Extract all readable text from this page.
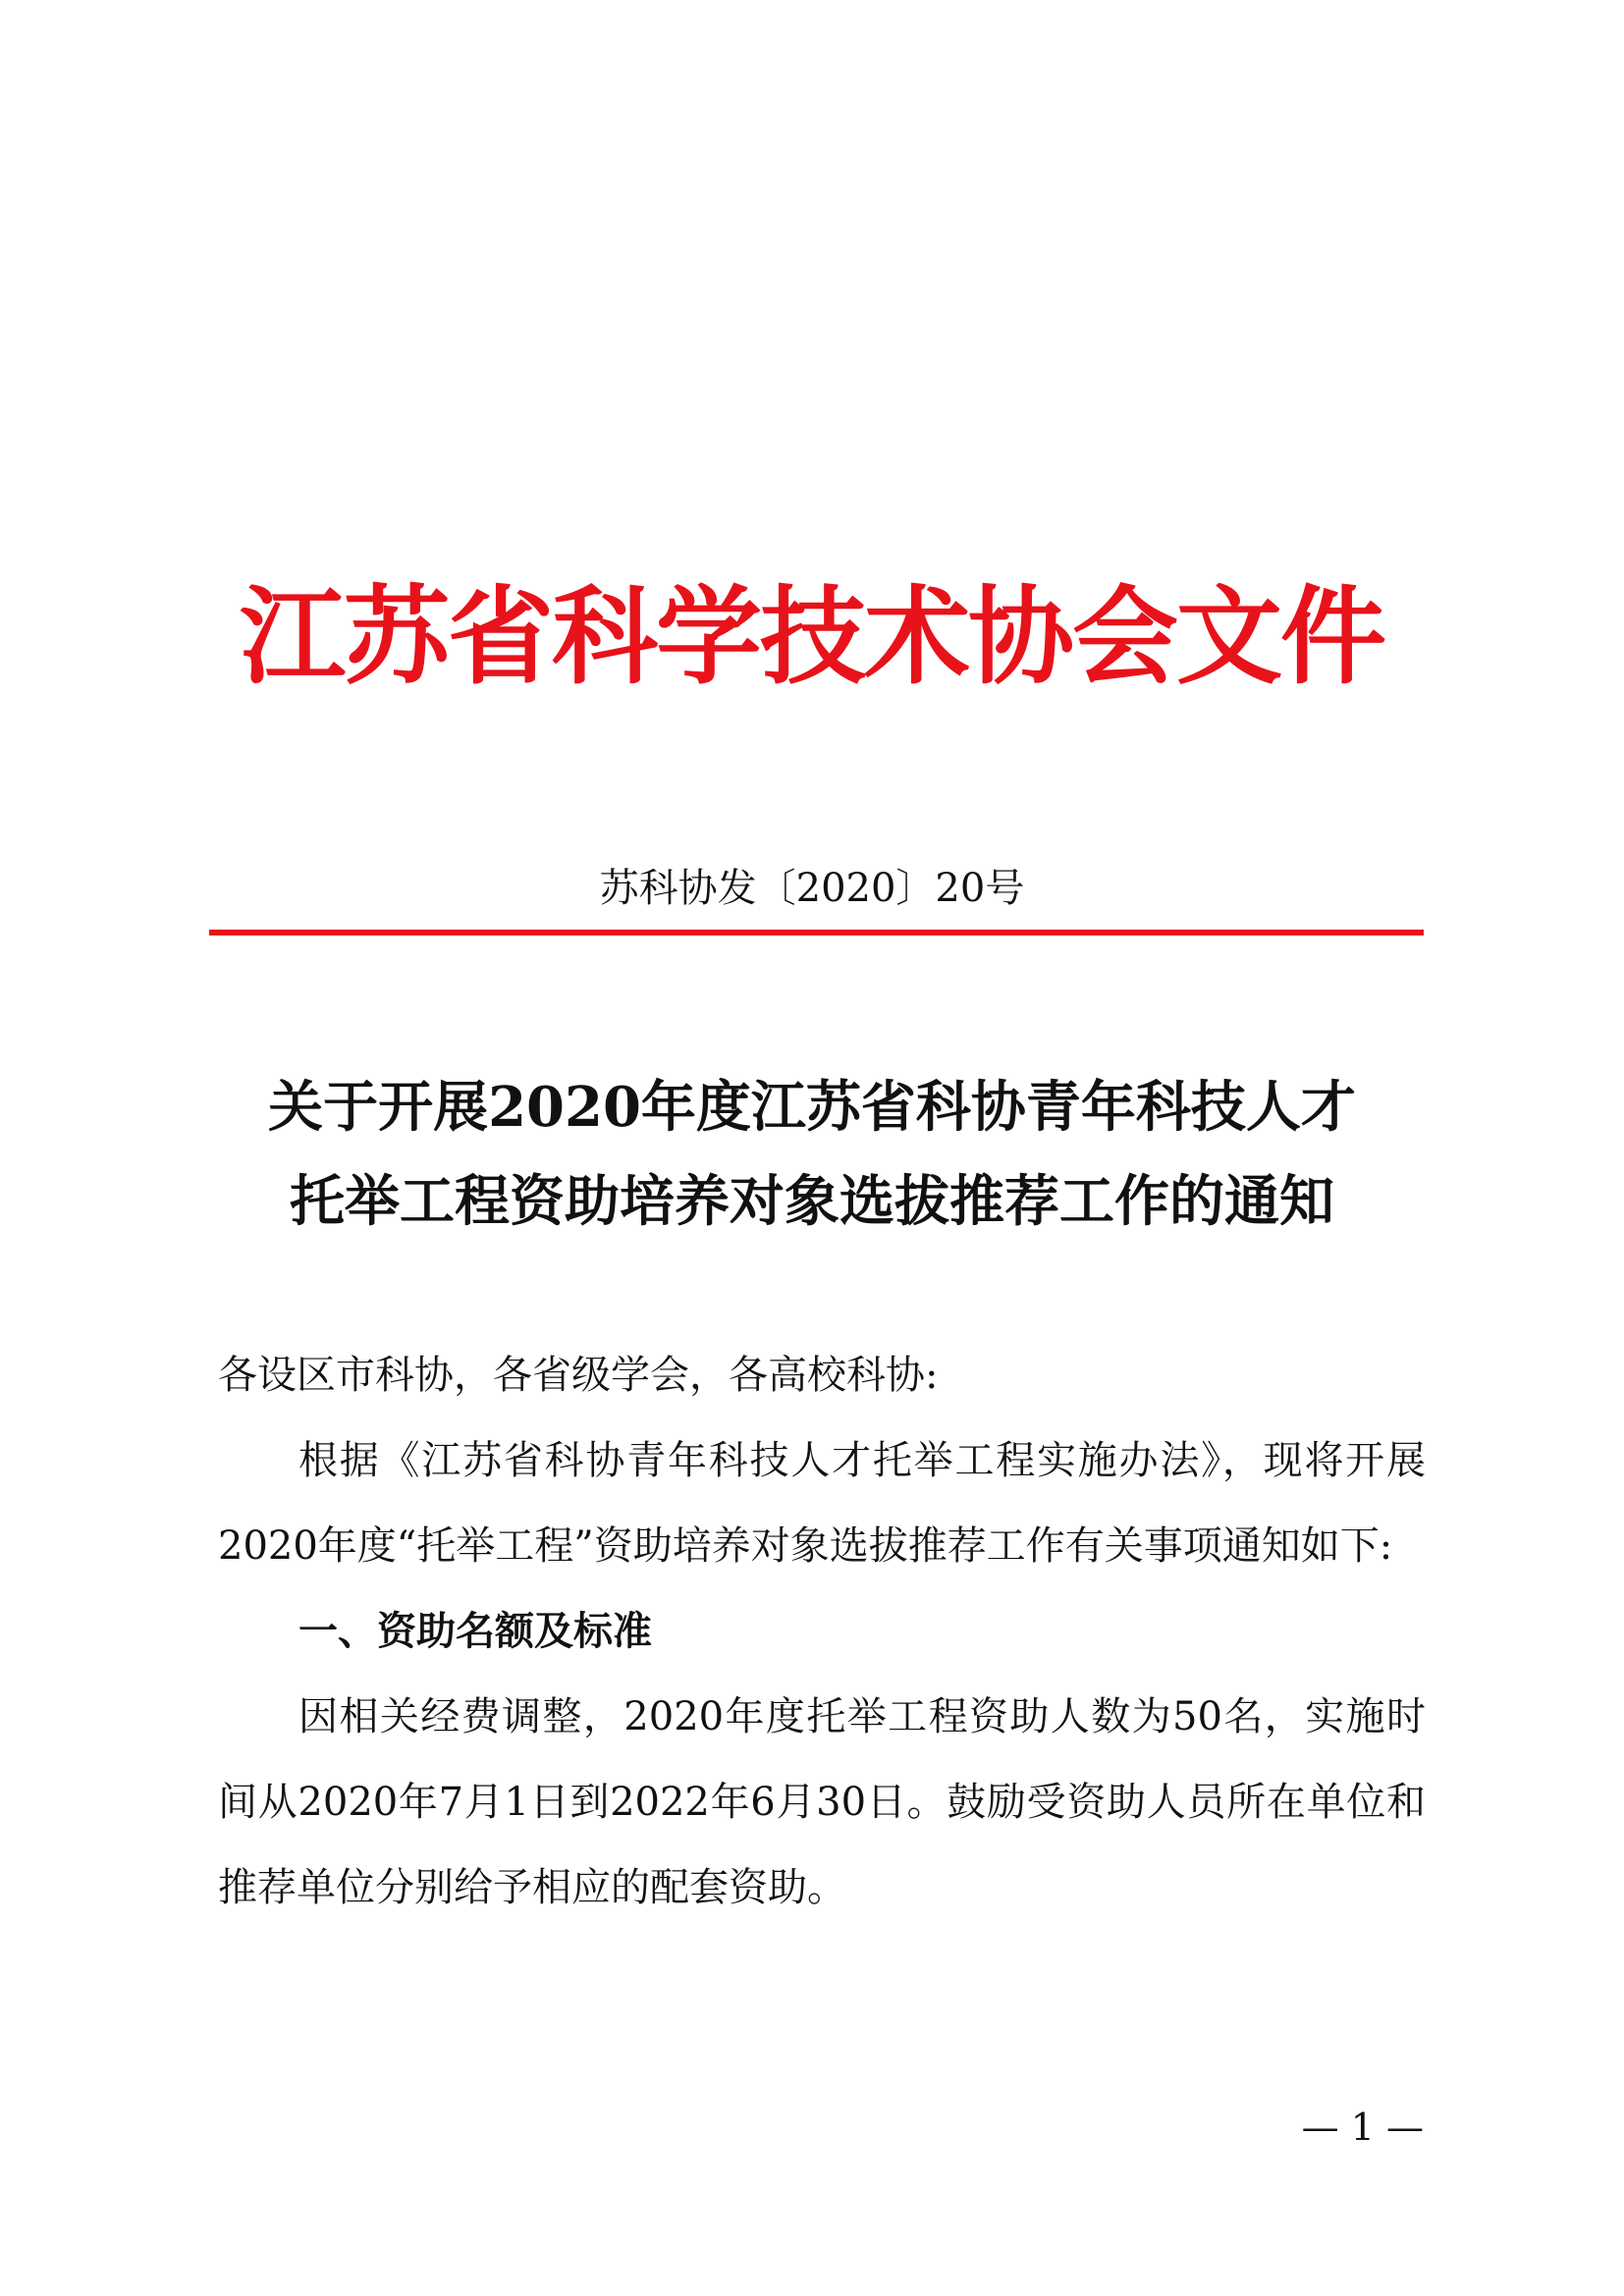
江苏省科学技术协会文件
苏科协发〔2020〕20号
关于开展2020年度江苏省科协青年科技人才
托举工程资助培养对象选拔推荐工作的通知

各设区市科协，各省级学会，各高校科协:

根据《江苏省科协青年科技人才托举工程实施办法》，现将开展2020年度“托举工程”资助培养对象选拔推荐工作有关事项通知如下:

一、资助名额及标准

因相关经费调整，2020年度托举工程资助人数为50名，实施时间从2020年7月1日到2022年6月30日。鼓励受资助人员所在单位和推荐单位分别给予相应的配套资助。

— 1 —
